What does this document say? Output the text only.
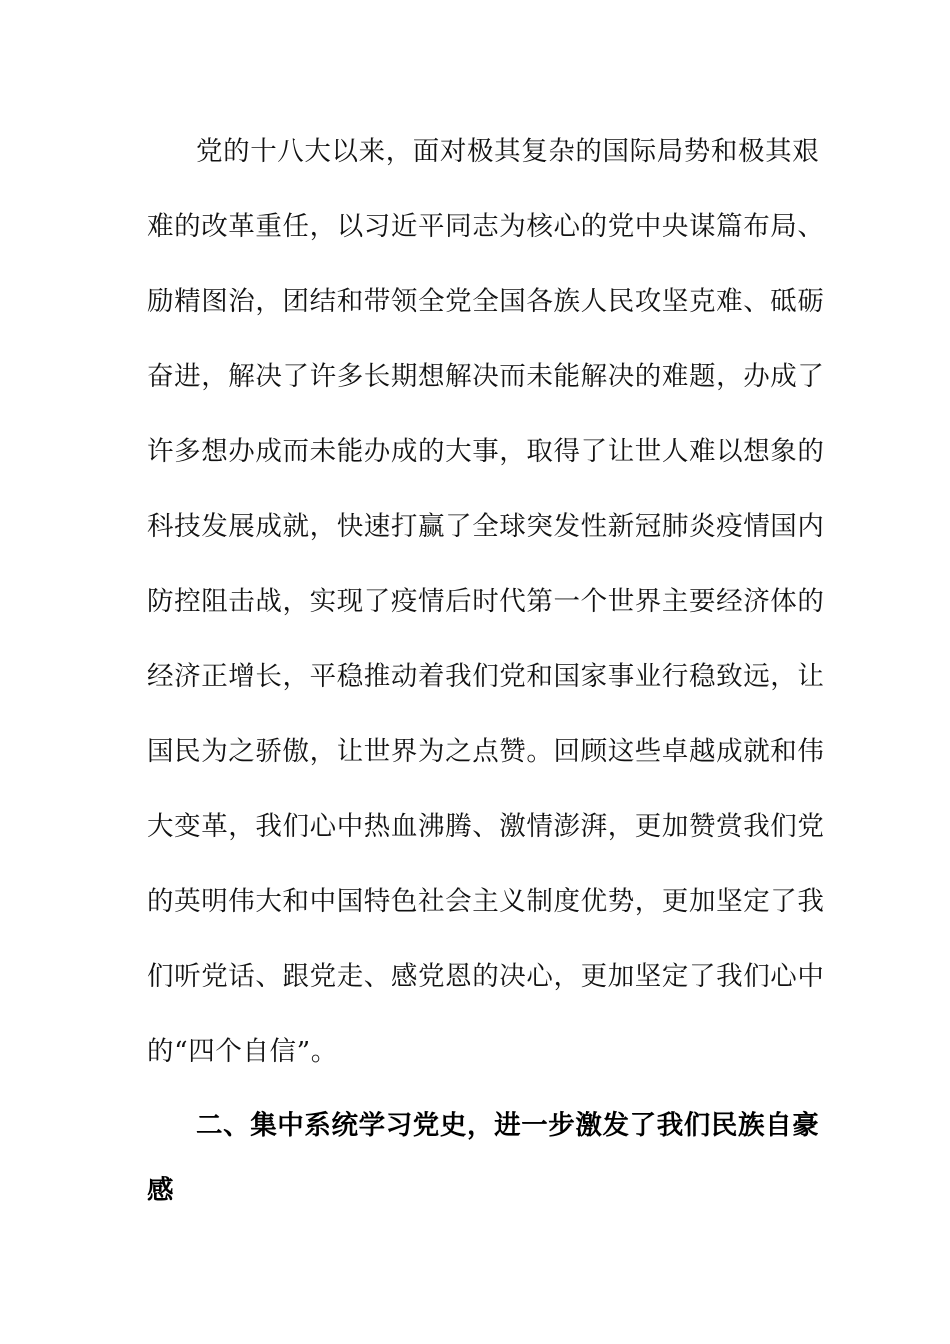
党的十八大以来，面对极其复杂的国际局势和极其艰
难的改革重任，以习近平同志为核心的党中央谋篇布局、
励精图治，团结和带领全党全国各族人民攻坚克难、砥砺
奋进，解决了许多长期想解决而未能解决的难题，办成了
许多想办成而未能办成的大事，取得了让世人难以想象的
科技发展成就，快速打赢了全球突发性新冠肺炎疫情国内
防控阻击战，实现了疫情后时代第一个世界主要经济体的
经济正增长，平稳推动着我们党和国家事业行稳致远，让
国民为之骄傲，让世界为之点赞。回顾这些卓越成就和伟
大变革，我们心中热血沸腾、激情澎湃，更加赞赏我们党
的英明伟大和中国特色社会主义制度优势，更加坚定了我
们听党话、跟党走、感党恩的决心，更加坚定了我们心中
的“四个自信”。
二、集中系统学习党史，进一步激发了我们民族自豪
感
